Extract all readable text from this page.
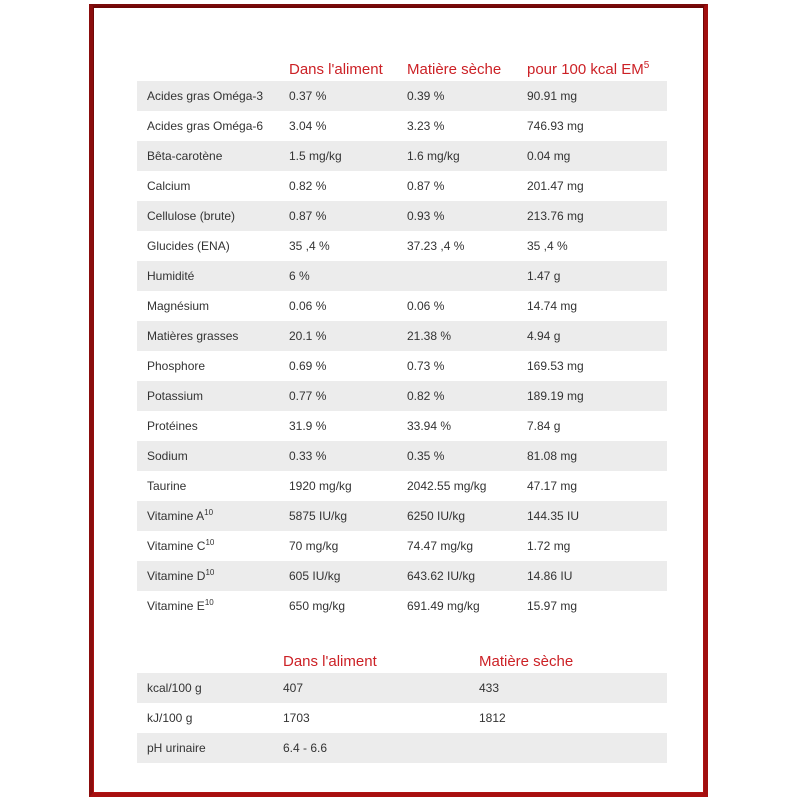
	Dans l'aliment	Matière sèche	pour 100 kcal $EM^5$
Acides gras Oméga-3	0.37 %	0.39 %	90.91 mg
Acides gras Oméga-6	3.04 %	3.23 %	746.93 mg
Bêta-carotène	1.5 mg/kg	1.6 mg/kg	0.04 mg
Calcium	0.82 %	0.87 %	201.47 mg
Cellulose (brute)	0.87 %	0.93 %	213.76 mg
Glucides (ENA)	35 ,4 %	37.23 ,4 %	35 ,4 %
Humidité	6 %		1.47 g
Magnésium	0.06 %	0.06 %	14.74 mg
Matières grasses	20.1 %	21.38 %	4.94 g
Phosphore	0.69 %	0.73 %	169.53 mg
Potassium	0.77 %	0.82 %	189.19 mg
Protéines	31.9 %	33.94 %	7.84 g
Sodium	0.33 %	0.35 %	81.08 mg
Taurine	1920 mg/kg	2042.55 mg/kg	47.17 mg
Vitamine $A^{10}$	5875 IU/kg	6250 IU/kg	144.35 IU
Vitamine $C^{10}$	70 mg/kg	74.47 mg/kg	1.72 mg
Vitamine $D^{10}$	605 IU/kg	643.62 IU/kg	14.86 IU
Vitamine $E^{10}$	650 mg/kg	691.49 mg/kg	15.97 mg
	Dans l'aliment	Matière sèche
kcal/100 g	407	433
kJ/100 g	1703	1812
pH urinaire	6.4 - 6.6	
